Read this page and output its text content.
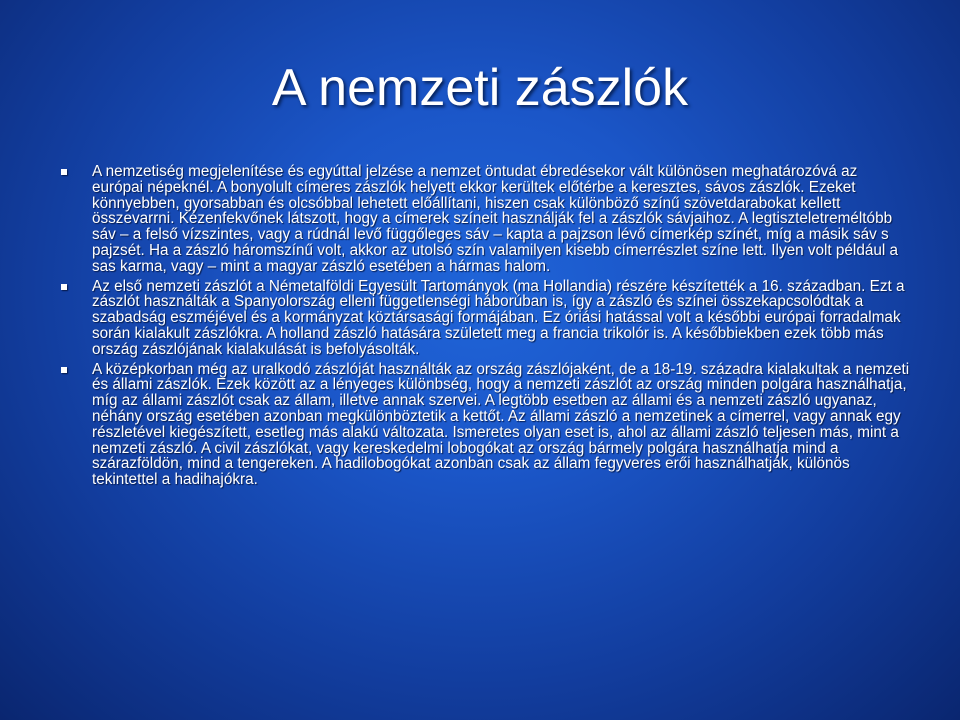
A nemzeti zászlók
A nemzetiség megjelenítése és egyúttal jelzése a nemzet öntudat ébredésekor vált különösen meghatározóvá az európai népeknél. A bonyolult címeres zászlók helyett ekkor kerültek előtérbe a keresztes, sávos zászlók. Ezeket könnyebben, gyorsabban és olcsóbbal lehetett előállítani, hiszen csak különböző színű szövetdarabokat kellett összevarrni. Kézenfekvőnek látszott, hogy a címerek színeit használják fel a zászlók sávjaihoz. A legtiszteletreméltóbb sáv – a felső vízszintes, vagy a rúdnál levő függőleges sáv – kapta a pajzson lévő címerkép színét, míg a másik sáv s pajzsét. Ha a zászló háromszínű volt, akkor az utolsó szín valamilyen kisebb címerrészlet színe lett. Ilyen volt például a sas karma, vagy – mint a magyar zászló esetében a hármas halom.
Az első nemzeti zászlót a Németalföldi Egyesült Tartományok (ma Hollandia) részére készítették a 16. században. Ezt a zászlót használták a Spanyolország elleni függetlenségi háborúban is, így a zászló és színei összekapcsolódtak a szabadság eszméjével és a kormányzat köztársasági formájában. Ez óriási hatással volt a későbbi európai forradalmak során kialakult zászlókra. A holland zászló hatására született meg a francia trikolór is. A későbbiekben ezek több más ország zászlójának kialakulását is befolyásolták.
A középkorban még az uralkodó zászlóját használták az ország zászlójaként, de a 18-19. századra kialakultak a nemzeti és állami zászlók. Ezek között az a lényeges különbség, hogy a nemzeti zászlót az ország minden polgára használhatja, míg az állami zászlót csak az állam, illetve annak szervei. A legtöbb esetben az állami és a nemzeti zászló ugyanaz, néhány ország esetében azonban megkülönböztetik a kettőt. Az állami zászló a nemzetinek a címerrel, vagy annak egy részletével kiegészített, esetleg más alakú változata. Ismeretes olyan eset is, ahol az állami zászló teljesen más, mint a nemzeti zászló. A civil zászlókat, vagy kereskedelmi lobogókat az ország bármely polgára használhatja mind a szárazföldön, mind a tengereken. A hadilobogókat azonban csak az állam fegyveres erői használhatják, különös tekintettel a hadihajókra.
